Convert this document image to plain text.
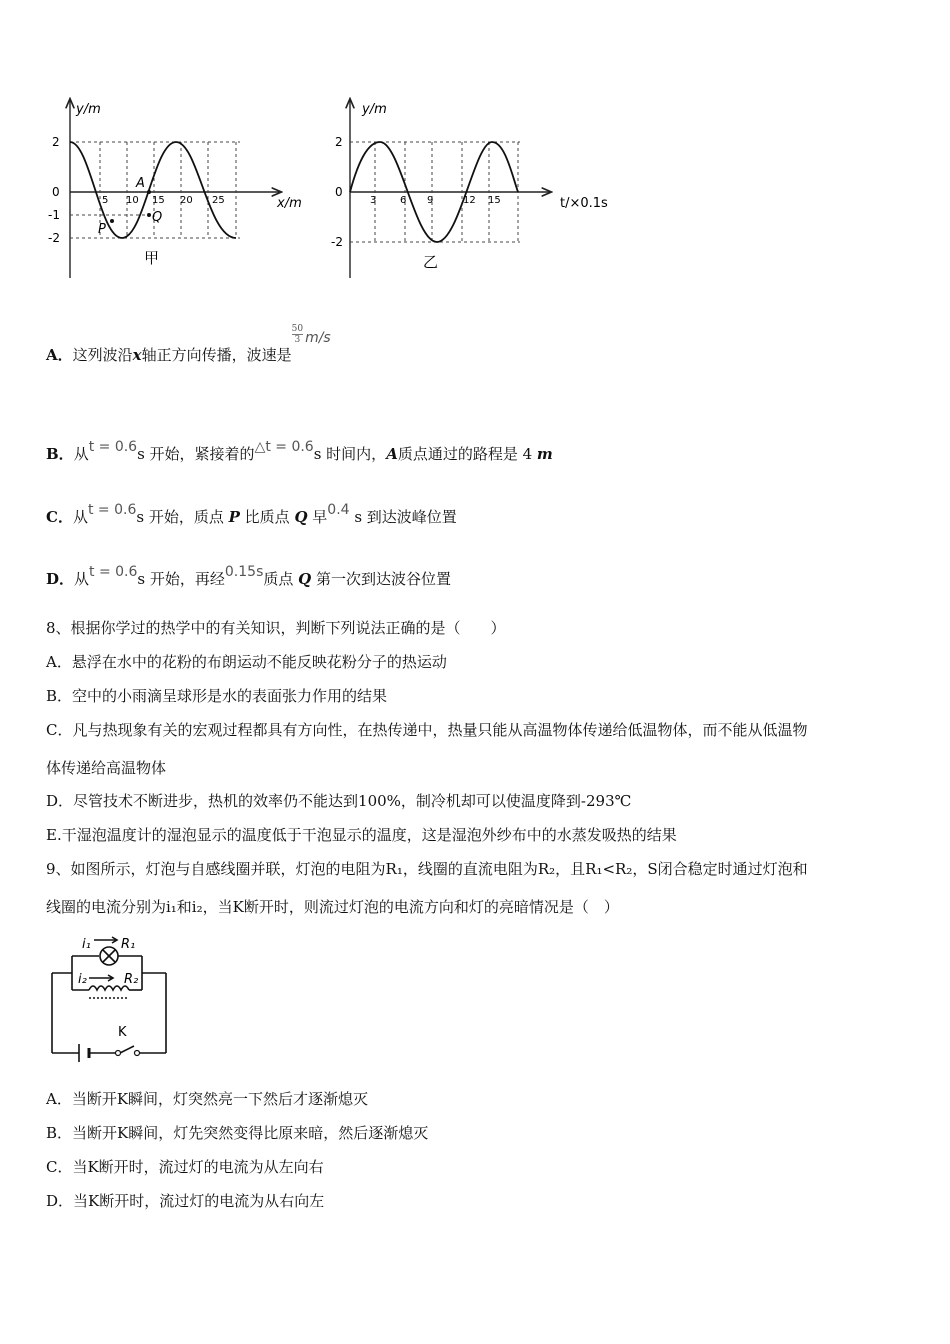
y/m
x/m
2
0
-1
-2
5 10 15 20 25
A
P
Q
甲
y/m
t/×0.1s
2
0
-2
3 6 9	12 15
乙
A．这列波沿x轴正方向传播，波速是
$\frac{50}{3} m/s$
B．从t = 0.6s 开始，紧接着的△t = 0.6s 时间内，A质点通过的路程是 4 m
C．从t = 0.6s 开始，质点 P 比质点 Q 早0.4 s 到达波峰位置
D．从t = 0.6s 开始，再经0.15s质点 Q 第一次到达波谷位置
8、根据你学过的热学中的有关知识，判断下列说法正确的是（　　）
A．悬浮在水中的花粉的布朗运动不能反映花粉分子的热运动
B．空中的小雨滴呈球形是水的表面张力作用的结果
C．凡与热现象有关的宏观过程都具有方向性，在热传递中，热量只能从高温物体传递给低温物体，而不能从低温物
体传递给高温物体
D．尽管技术不断进步，热机的效率仍不能达到100%，制冷机却可以使温度降到-293℃
E.干湿泡温度计的湿泡显示的温度低于干泡显示的温度，这是湿泡外纱布中的水蒸发吸热的结果
9、如图所示，灯泡与自感线圈并联，灯泡的电阻为R₁，线圈的直流电阻为R₂，且R₁<R₂，S闭合稳定时通过灯泡和
线圈的电流分别为i₁和i₂，当K断开时，则流过灯泡的电流方向和灯的亮暗情况是（　）
i₁ R₁
i₂	R₂
K
A．当断开K瞬间，灯突然亮一下然后才逐渐熄灭
B．当断开K瞬间，灯先突然变得比原来暗，然后逐渐熄灭
C．当K断开时，流过灯的电流为从左向右
D．当K断开时，流过灯的电流为从右向左
